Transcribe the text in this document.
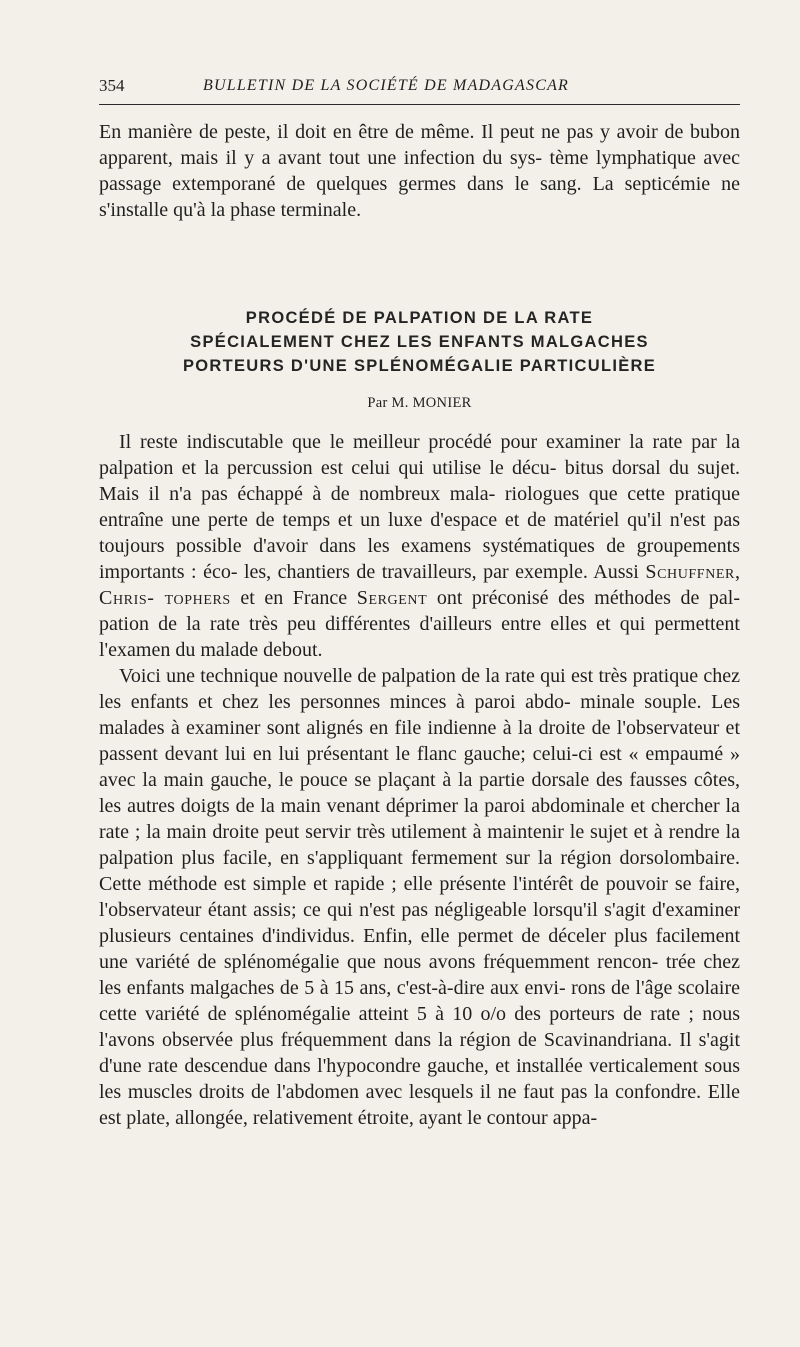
354	BULLETIN DE LA SOCIÉTÉ DE MADAGASCAR

En manière de peste, il doit en être de même. Il peut ne pas y avoir de bubon apparent, mais il y a avant tout une infection du sys- tème lymphatique avec passage extemporané de quelques germes dans le sang. La septicémie ne s'installe qu'à la phase terminale.

PROCÉDÉ DE PALPATION DE LA RATE
SPÉCIALEMENT CHEZ LES ENFANTS MALGACHES
PORTEURS D'UNE SPLÉNOMÉGALIE PARTICULIÈRE
Par M. MONIER

Il reste indiscutable que le meilleur procédé pour examiner la rate par la palpation et la percussion est celui qui utilise le décu- bitus dorsal du sujet. Mais il n'a pas échappé à de nombreux mala- riologues que cette pratique entraîne une perte de temps et un luxe d'espace et de matériel qu'il n'est pas toujours possible d'avoir dans les examens systématiques de groupements importants : éco- les, chantiers de travailleurs, par exemple. Aussi Schuffner, Chris- tophers et en France Sergent ont préconisé des méthodes de pal- pation de la rate très peu différentes d'ailleurs entre elles et qui permettent l'examen du malade debout.

Voici une technique nouvelle de palpation de la rate qui est très pratique chez les enfants et chez les personnes minces à paroi abdo- minale souple. Les malades à examiner sont alignés en file indienne à la droite de l'observateur et passent devant lui en lui présentant le flanc gauche; celui-ci est « empaumé » avec la main gauche, le pouce se plaçant à la partie dorsale des fausses côtes, les autres doigts de la main venant déprimer la paroi abdominale et chercher la rate ; la main droite peut servir très utilement à maintenir le sujet et à rendre la palpation plus facile, en s'appliquant fermement sur la région dorsolombaire. Cette méthode est simple et rapide ; elle présente l'intérêt de pouvoir se faire, l'observateur étant assis; ce qui n'est pas négligeable lorsqu'il s'agit d'examiner plusieurs centaines d'individus. Enfin, elle permet de déceler plus facilement une variété de splénomégalie que nous avons fréquemment rencon- trée chez les enfants malgaches de 5 à 15 ans, c'est-à-dire aux envi- rons de l'âge scolaire cette variété de splénomégalie atteint 5 à 10 o/o des porteurs de rate ; nous l'avons observée plus fréquemment dans la région de Scavinandriana. Il s'agit d'une rate descendue dans l'hypocondre gauche, et installée verticalement sous les muscles droits de l'abdomen avec lesquels il ne faut pas la confondre. Elle est plate, allongée, relativement étroite, ayant le contour appa-
